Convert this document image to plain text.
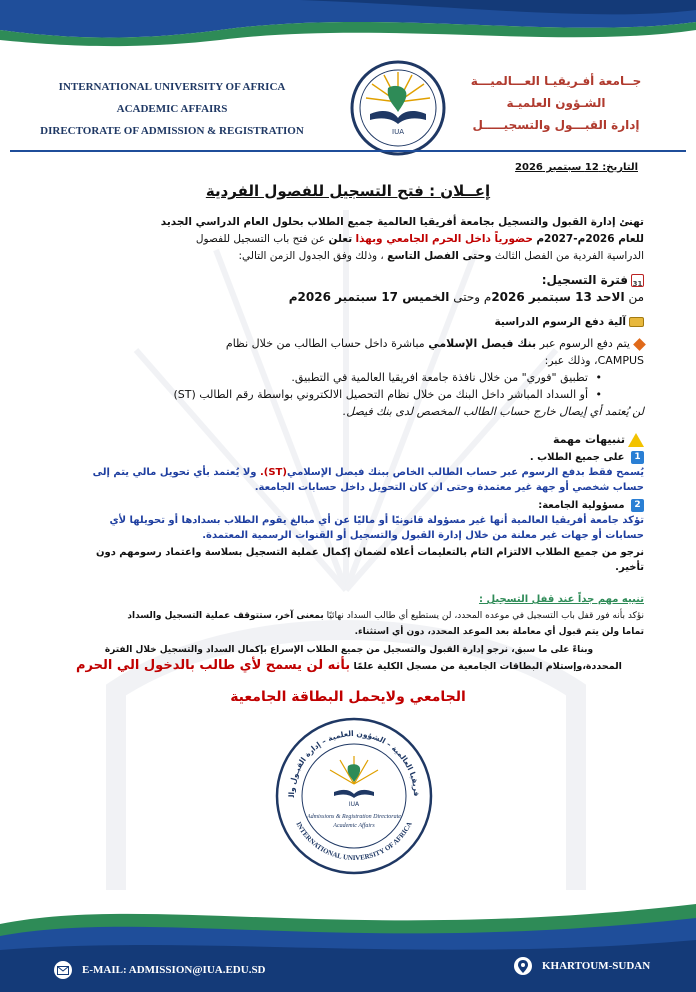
INTERNATIONAL UNIVERSITY OF AFRICA
ACADEMIC AFFAIRS
DIRECTORATE OF ADMISSION & REGISTRATION	IUA
جــامعة أفـريقيـا العـــالميـــة
الشـؤون العلميـة
إدارة القبـــول والتسجيـــــل
التاريخ: 12 سبتمبر 2026
إعــلان : فتح التسجيل للفصول الفردية
تهنئ إدارة القبول والتسجيل بجامعة أفريقيا العالمية جميع الطلاب بحلول العام الدراسي الجديد
للعام 2026م-2027م حضورياً داخل الحرم الجامعي وبهذا تعلن عن فتح باب التسجيل للفصول
الدراسية الفردية من الفصل الثالث وحتى الفصل التاسع ، وذلك وفق الجدول الزمن التالي:
31فترة التسجيل:
من الاحد 13 سبتمبر 2026م وحتى الخميس 17 سبتمبر 2026م
آلية دفع الرسوم الدراسية
يتم دفع الرسوم عبر بنك فيصل الإسلامي مباشرة داخل حساب الطالب من خلال نظام
CAMPUS، وذلك عبر:
• تطبيق "فوري" من خلال نافذة جامعة افريقيا العالمية في التطبيق.
• أو السداد المباشر داخل البنك من خلال نظام التحصيل الالكتروني بواسطة رقم الطالب (ST)
لن يُعتمد أي إيصال خارج حساب الطالب المخصص لدى بنك فيصل.
تنبيهات مهمة
1 على جميع الطلاب .
يُسمح فقط بدفع الرسوم عبر حساب الطالب الخاص ببنك فيصل الإسلامي(ST). ولا يُعتمد بأي تحويل مالي يتم إلى
حساب شخصي أو جهة غير معتمدة وحتى ان كان التحويل داخل حسابات الجامعة.
2 مسؤولية الجامعة:
تؤكد جامعة أفريقيا العالمية أنها غير مسؤولة قانونيًا أو ماليًا عن أي مبالغ يقوم الطلاب بسدادها أو تحويلها لأي
حسابات أو جهات غير معلنة من خلال إدارة القبول والتسجيل أو القنوات الرسمية المعتمدة.
نرجو من جميع الطلاب الالتزام التام بالتعليمات أعلاه لضمان إكمال عملية التسجيل بسلاسة واعتماد رسومهم دون
تأخير.
تنبيه مهم جداً عند قفل التسجيل :
نؤكد بأنه فور قفل باب التسجيل في موعده المحدد، لن يستطيع أي طالب السداد نهائيًا بمعنى آخر، ستتوقف عملية التسجيل والسداد
تماما ولن يتم قبول أي معاملة بعد الموعد المحدد، دون أي استثناء.
وبناءً على ما سبق، نرجو إدارة القبول والتسجيل من جميع الطلاب الإسراع بإكمال السداد والتسجيل خلال الفترة
المحددة،وإستلام البطاقات الجامعية من مسجل الكلية علمًا بأنه لن يسمح لأي طالب بالدخول الي الحرم
الجامعي ولايحمل البطاقة الجامعية
فريقيا العالمية – الشؤون العلمية – إدارة القبـول وال
INTERNATIONAL UNIVERSITY OF AFRICA
IUA
Admissions & Registration Directorate
Academic Affairs
E-MAIL: ADMISSION@IUA.EDU.SD	KHARTOUM-SUDAN
